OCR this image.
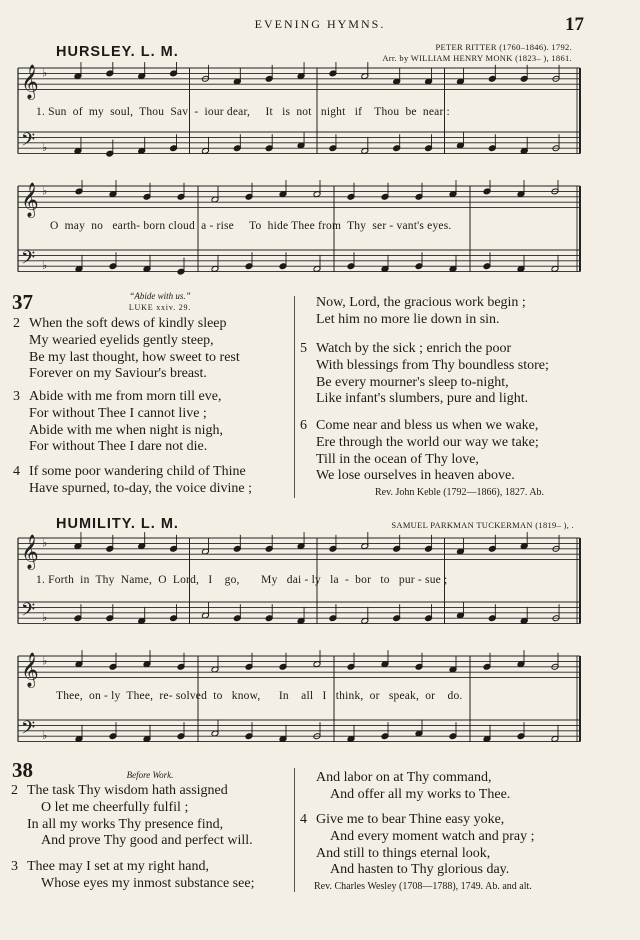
EVENING HYMNS.	17
HURSLEY. L. M.	PETER RITTER (1760–1846). 1792.
Arr. by WILLIAM HENRY MONK (1823– ), 1861.
𝄞
𝄢
♭
♭
1. Sun  of  my  soul,  Thou  Sav  -  iour dear,     It   is  not   night   if    Thou  be  near :
𝄞
𝄢
♭
♭
O  may  no   earth- born cloud  a - rise     To  hide Thee from  Thy  ser - vant's eyes.
37	“Abide with us.”
LUKE xxiv. 29.
2 When the soft dews of kindly sleep
My wearied eyelids gently steep,
Be my last thought, how sweet to rest
Forever on my Saviour's breast.
3 Abide with me from morn till eve,
For without Thee I cannot live ;
Abide with me when night is nigh,
For without Thee I dare not die.
4 If some poor wandering child of Thine
Have spurned, to-day, the voice divine ;
Now, Lord, the gracious work begin ;
Let him no more lie down in sin.
5 Watch by the sick ; enrich the poor
With blessings from Thy boundless store;
Be every mourner's sleep to-night,
Like infant's slumbers, pure and light.
6 Come near and bless us when we wake,
Ere through the world our way we take;
Till in the ocean of Thy love,
We lose ourselves in heaven above.
Rev. John Keble (1792—1866), 1827. Ab.
HUMILITY. L. M.	SAMUEL PARKMAN TUCKERMAN (1819– ), .
𝄞
𝄢
♭
♭
1. Forth  in  Thy  Name,  O  Lord,   I    go,       My   dai - ly   la  -  bor   to   pur - sue ;
𝄞
𝄢
♭
♭
Thee,  on - ly  Thee,  re- solved  to   know,      In    all   I   think,  or   speak,  or    do.
38	Before Work.
2 The task Thy wisdom hath assigned
O let me cheerfully fulfil ;
In all my works Thy presence find,
And prove Thy good and perfect will.
3 Thee may I set at my right hand,
Whose eyes my inmost substance see;
And labor on at Thy command,
And offer all my works to Thee.
4 Give me to bear Thine easy yoke,
And every moment watch and pray ;
And still to things eternal look,
And hasten to Thy glorious day.
Rev. Charles Wesley (1708—1788), 1749. Ab. and alt.
